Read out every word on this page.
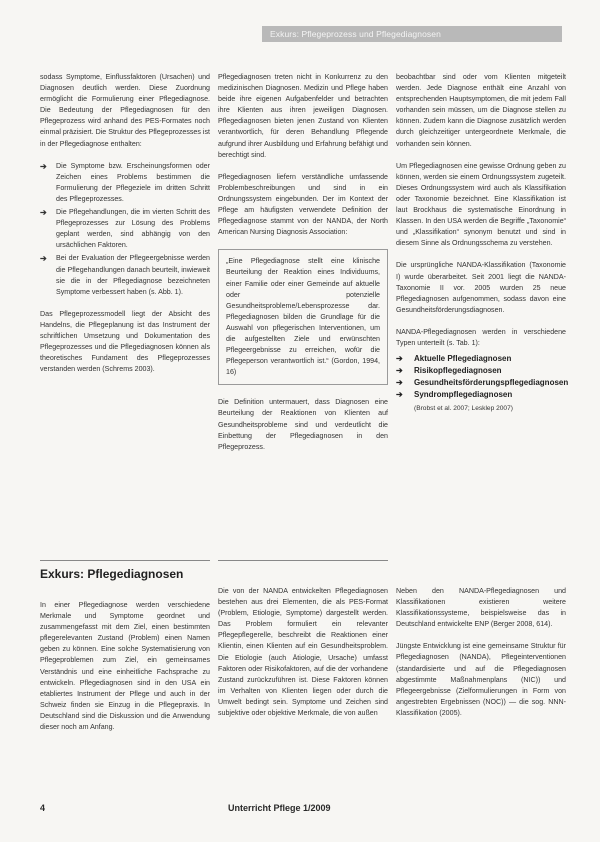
Exkurs: Pflegeprozess und Pflegediagnosen

sodass Symptome, Einflussfaktoren (Ursachen) und Diagnosen deutlich werden. Diese Zuordnung ermöglicht die Formulierung einer Pflegediagnose. Die Bedeutung der Pflegediagnosen für den Pflegeprozess wird anhand des PES-Formates noch einmal präzisiert. Die Struktur des Pflegeprozesses ist in der Pflegediagnose enthalten:

➔ Die Symptome bzw. Erscheinungsformen oder Zeichen eines Problems bestimmen die Formulierung der Pflegeziele im dritten Schritt des Pflegeprozesses.
➔ Die Pflegehandlungen, die im vierten Schritt des Pflegeprozesses zur Lösung des Problems geplant werden, sind abhängig von den ursächlichen Faktoren.
➔ Bei der Evaluation der Pflegeergebnisse werden die Pflegehandlungen danach beurteilt, inwieweit sie die in der Pflegediagnose bezeichneten Symptome verbessert haben (s. Abb. 1).

Das Pflegeprozessmodell liegt der Absicht des Handelns, die Pflegeplanung ist das Instrument der schriftlichen Umsetzung und Dokumentation des Pflegeprozesses und die Pflegediagnosen können als theoretisches Fundament des Pflegeprozesses verstanden werden (Schrems 2003).

Pflegediagnosen treten nicht in Konkurrenz zu den medizinischen Diagnosen. Medizin und Pflege haben beide ihre eigenen Aufgabenfelder und betrachten ihre Klienten aus ihren jeweiligen Diagnosen. Pflegediagnosen bieten jenen Zustand von Klienten verantwortlich, für deren Behandlung Pflegende aufgrund ihrer Ausbildung und Erfahrung befähigt und berechtigt sind.

Pflegediagnosen liefern verständliche umfassende Problembeschreibungen und sind in ein Ordnungssystem eingebunden. Der im Kontext der Pflege am häufigsten verwendete Definition der Pflegediagnose stammt von der NANDA, der North American Nursing Diagnosis Association:

„Eine Pflegediagnose stellt eine klinische Beurteilung der Reaktion eines Individuums, einer Familie oder einer Gemeinde auf aktuelle oder potenzielle Gesundheitsprobleme/Lebensprozesse dar. Pflegediagnosen bilden die Grundlage für die Auswahl von pflegerischen Interventionen, um die aufgestellten Ziele und erwünschten Pflegeergebnisse zu erreichen, wofür die Pflegeperson verantwortlich ist.“ (Gordon, 1994, 16)

Die Definition untermauert, dass Diagnosen eine Beurteilung der Reaktionen von Klienten auf Gesundheitsprobleme sind und verdeutlicht die Einbettung der Pflegediagnosen in den Pflegeprozess.

beobachtbar sind oder vom Klienten mitgeteilt werden. Jede Diagnose enthält eine Anzahl von entsprechenden Hauptsymptomen, die mit jedem Fall vorhanden sein müssen, um die Diagnose stellen zu können. Zudem kann die Diagnose zusätzlich werden durch gleichzeitiger untergeordnete Merkmale, die vorhanden sein können.

Um Pflegediagnosen eine gewisse Ordnung geben zu können, werden sie einem Ordnungssystem zugeteilt. Dieses Ordnungssystem wird auch als Klassifikation oder Taxonomie bezeichnet. Eine Klassifikation ist laut Brockhaus die systematische Einordnung in Klassen. In den USA werden die Begriffe „Taxonomie“ und „Klassifikation“ synonym benutzt und sind in diesem Sinne als Ordnungsschema zu verstehen.

Die ursprüngliche NANDA-Klassifikation (Taxonomie I) wurde überarbeitet. Seit 2001 liegt die NANDA-Taxonomie II vor. 2005 wurden 25 neue Pflegediagnosen aufgenommen, sodass davon eine Gesundheitsförderungsdiagnosen.

NANDA-Pflegediagnosen werden in verschiedene Typen unterteilt (s. Tab. 1):

➔ Aktuelle Pflegediagnosen
➔ Risikopflegediagnosen
➔ Gesundheitsförderungspflegediagnosen
➔ Syndrompflegediagnosen
(Brobst et al. 2007; Lesklep 2007)
Exkurs: Pflegediagnosen

In einer Pflegediagnose werden verschiedene Merkmale und Symptome geordnet und zusammengefasst mit dem Ziel, einen bestimmten pflegerelevanten Zustand (Problem) einen Namen geben zu können. Eine solche Systematisierung von Pflegeproblemen zum Ziel, ein gemeinsames Verständnis und eine einheitliche Fachsprache zu entwickeln. Pflegediagnosen sind in den USA ein etabliertes Instrument der Pflege und auch in der Schweiz finden sie Einzug in die Pflegepraxis. In Deutschland sind die Diskussion und die Anwendung dieser noch am Anfang.

Die von der NANDA entwickelten Pflegediagnosen bestehen aus drei Elementen, die als PES-Format (Problem, Etiologie, Symptome) dargestellt werden. Das Problem formuliert ein relevanter Pflegepflegerelle, beschreibt die Reaktionen einer Klientin, einen Klienten auf ein Gesundheitsproblem. Die Etiologie (auch Ätiologie, Ursache) umfasst Faktoren oder Risikofaktoren, auf die der vorhandene Zustand zurückzuführen ist. Diese Faktoren können im Verhalten von Klienten liegen oder durch die Umwelt bedingt sein. Symptome und Zeichen sind subjektive oder objektive Merkmale, die von außen

Neben den NANDA-Pflegediagnosen und Klassifikationen existieren weitere Klassifikationssysteme, beispielsweise das in Deutschland entwickelte ENP (Berger 2008, 614).

Jüngste Entwicklung ist eine gemeinsame Struktur für Pflegediagnosen (NANDA), Pflegeinterventionen (standardisierte und auf die Pflegediagnosen abgestimmte Maßnahmenplans (NIC)) und Pflegeergebnisse (Zielformulierungen in Form von angestrebten Ergebnissen (NOC)) — die sog. NNN-Klassifikation (2005).

4	Unterricht Pflege 1/2009
